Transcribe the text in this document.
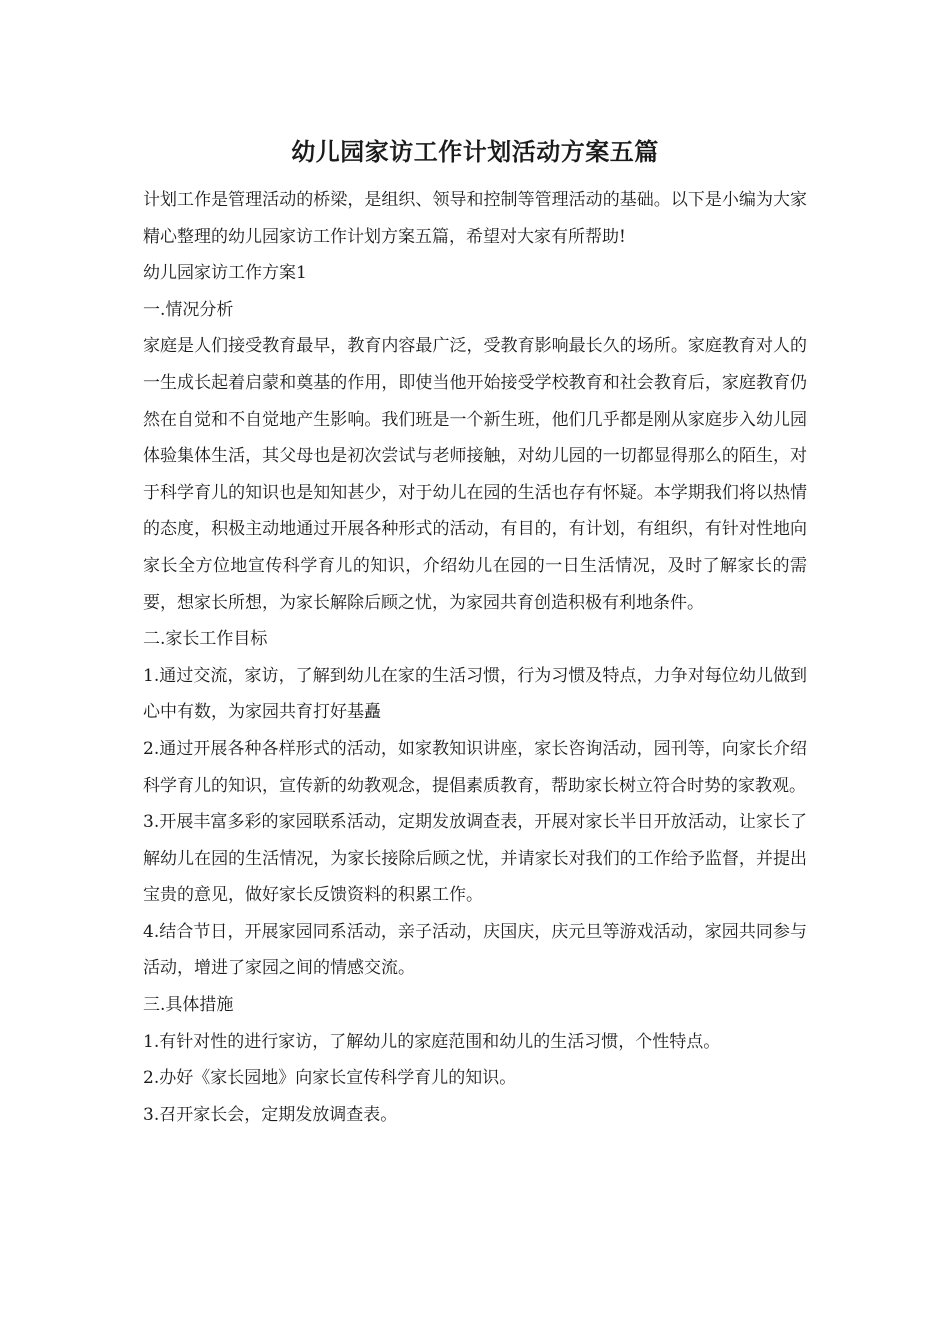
幼儿园家访工作计划活动方案五篇

计划工作是管理活动的桥梁，是组织、领导和控制等管理活动的基础。以下是小编为大家精心整理的幼儿园家访工作计划方案五篇，希望对大家有所帮助!

幼儿园家访工作方案1

一.情况分析

家庭是人们接受教育最早，教育内容最广泛，受教育影响最长久的场所。家庭教育对人的一生成长起着启蒙和奠基的作用，即使当他开始接受学校教育和社会教育后，家庭教育仍然在自觉和不自觉地产生影响。我们班是一个新生班，他们几乎都是刚从家庭步入幼儿园体验集体生活，其父母也是初次尝试与老师接触，对幼儿园的一切都显得那么的陌生，对于科学育儿的知识也是知知甚少，对于幼儿在园的生活也存有怀疑。本学期我们将以热情的态度，积极主动地通过开展各种形式的活动，有目的，有计划，有组织，有针对性地向家长全方位地宣传科学育儿的知识，介绍幼儿在园的一日生活情况，及时了解家长的需要，想家长所想，为家长解除后顾之忧，为家园共育创造积极有利地条件。

二.家长工作目标

1.通过交流，家访，了解到幼儿在家的生活习惯，行为习惯及特点，力争对每位幼儿做到心中有数，为家园共育打好基矗

2.通过开展各种各样形式的活动，如家教知识讲座，家长咨询活动，园刊等，向家长介绍科学育儿的知识，宣传新的幼教观念，提倡素质教育，帮助家长树立符合时势的家教观。

3.开展丰富多彩的家园联系活动，定期发放调查表，开展对家长半日开放活动，让家长了解幼儿在园的生活情况，为家长接除后顾之忧，并请家长对我们的工作给予监督，并提出宝贵的意见，做好家长反馈资料的积累工作。

4.结合节日，开展家园同系活动，亲子活动，庆国庆，庆元旦等游戏活动，家园共同参与活动，增进了家园之间的情感交流。

三.具体措施

1.有针对性的进行家访，了解幼儿的家庭范围和幼儿的生活习惯，个性特点。

2.办好《家长园地》向家长宣传科学育儿的知识。

3.召开家长会，定期发放调查表。
